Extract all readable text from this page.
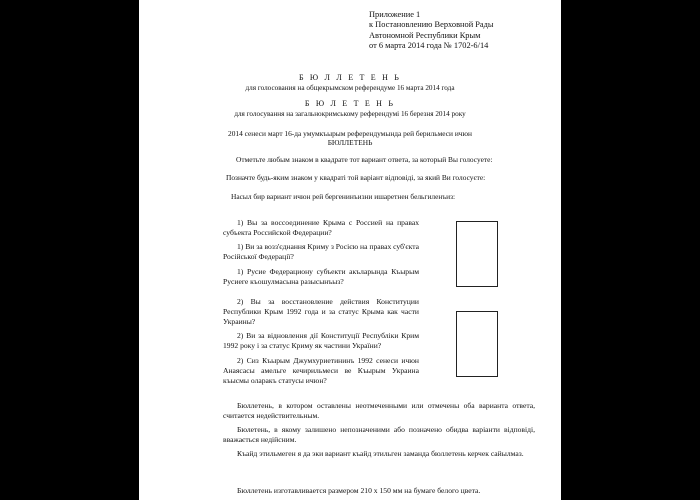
Приложение 1
к Постановлению Верховной Рады
Автономной Республики Крым
от 6 марта 2014 года № 1702-6/14

Б Ю Л Л Е Т Е Н Ь

для голосования на общекрымском референдуме 16 марта 2014 года

Б Ю Л Е Т Е Н Ь

для голосування на загальнокримському референдумі 16 березня 2014 року

2014 сенеси март 16-да умумкъырым референдумында рей берильмеси ичюн

БЮЛЛЕТЕНЬ

Отметьте любым знаком в квадрате тот вариант ответа, за который Вы голосуете:

Позначте будь-яким знаком у квадраті той варіант відповіді, за який Ви голосуєте:

Насыл бир вариант ичюн рей бергенинъизни ишаретнен бельгиленъиз:

1) Вы за воссоединение Крыма с Россией на правах субъекта Российской Федерации?

1) Ви за возз'єднання Криму з Росією на правах суб'єкта Російської Федерації?

1) Русие Федерациону субъекти акъларында Къырым Русиеге къошулмасына разысынъыз?

2) Вы за восстановление действия Конституции Республики Крым 1992 года и за статус Крыма как части Украины?

2) Ви за відновлення дії Конституції Республіки Крим 1992 року і за статус Криму як частини України?

2) Сиз Къырым Джумхуриетининъ 1992 сенеси ичюн Анаясасы амельге кечирильмеси ве Къырым Украина къысмы оларакъ статусы ичюн?

Бюллетень, в котором оставлены неотмеченными или отмечены оба варианта ответа, считается недействительным.

Бюлетень, в якому залишено непозначеними або позначено обидва варіанти відповіді, вважається недійсним.

Къайд этильмеген я да эки вариант къайд этильген заманда бюллетень керчек сайылмаз.

Бюллетень изготавливается размером 210 х 150 мм на бумаге белого цвета.
